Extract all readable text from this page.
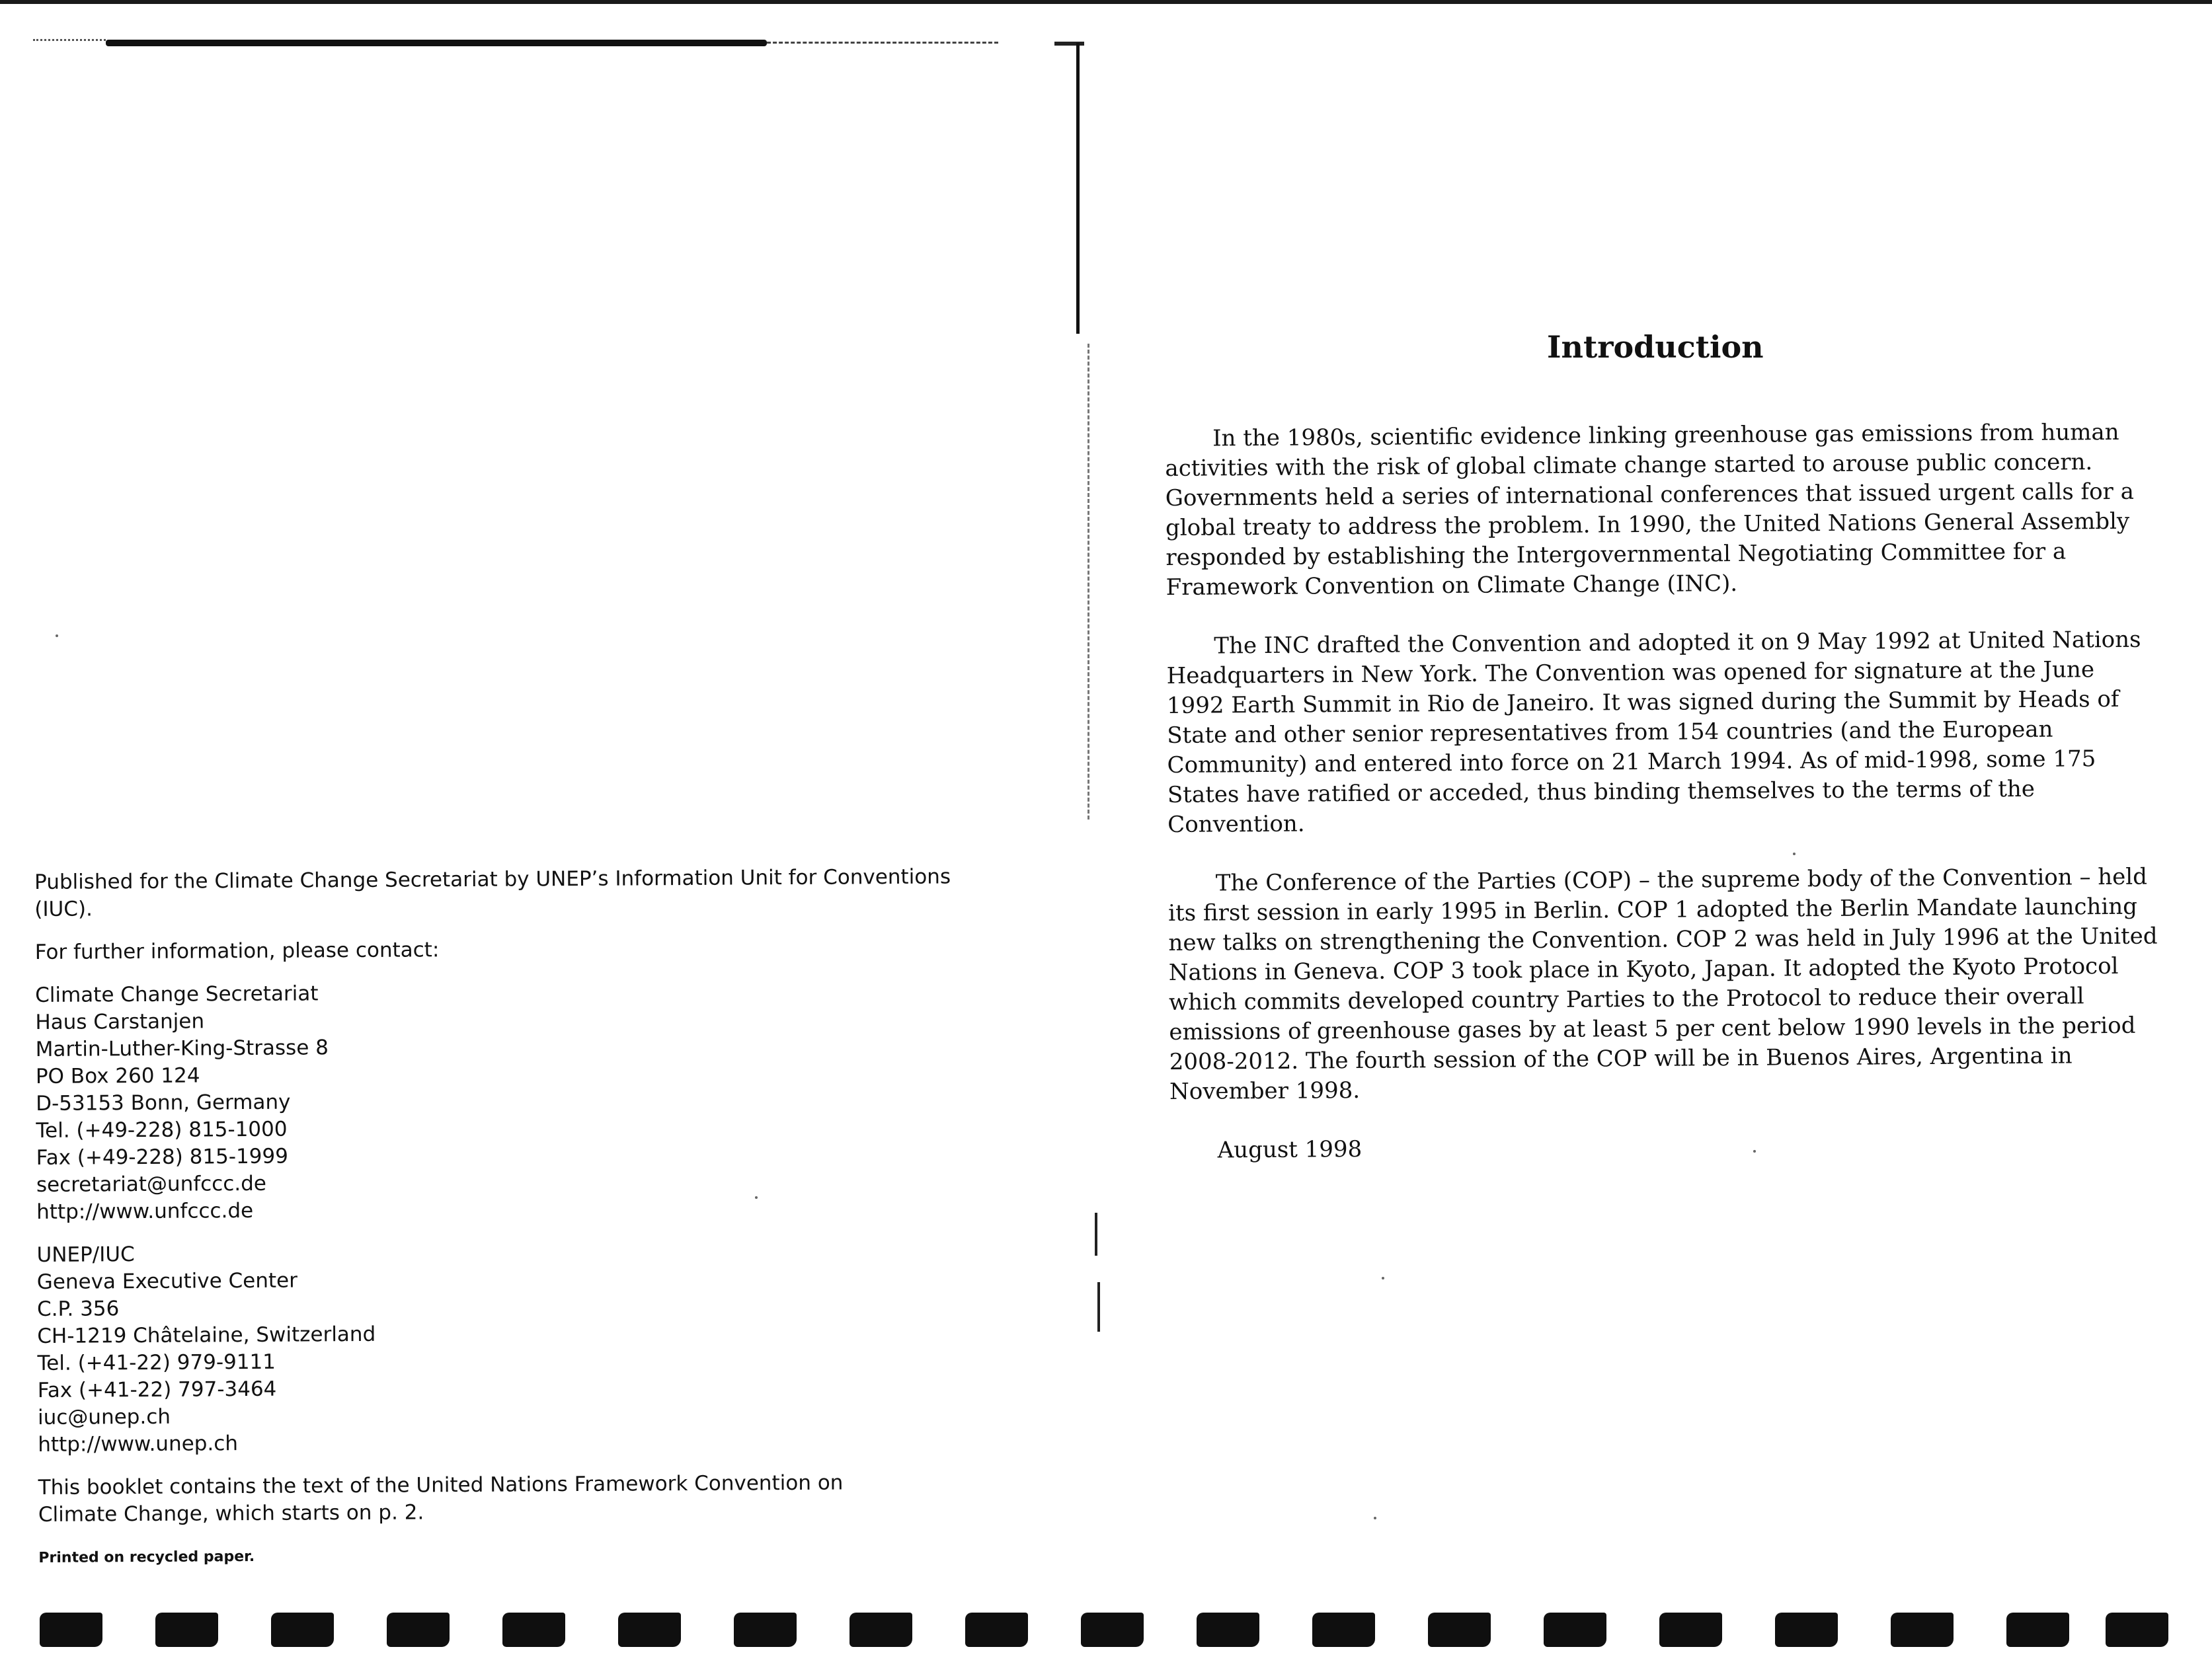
Published for the Climate Change Secretariat by UNEP’s Information Unit for Conventions (IUC).

For further information, please contact:

Climate Change Secretariat

Haus Carstanjen

Martin-Luther-King-Strasse 8

PO Box 260 124

D-53153 Bonn, Germany

Tel. (+49-228) 815-1000

Fax (+49-228) 815-1999

secretariat@unfccc.de

http://www.unfccc.de

UNEP/IUC

Geneva Executive Center

C.P. 356

CH-1219 Châtelaine, Switzerland

Tel. (+41-22) 979-9111

Fax (+41-22) 797-3464

iuc@unep.ch

http://www.unep.ch

This booklet contains the text of the United Nations Framework Convention on Climate Change, which starts on p. 2.

Printed on recycled paper.

Introduction

In the 1980s, scientific evidence linking greenhouse gas emissions from human activities with the risk of global climate change started to arouse public concern. Governments held a series of international conferences that issued urgent calls for a global treaty to address the problem. In 1990, the United Nations General Assembly responded by establishing the Intergovernmental Negotiating Committee for a Framework Convention on Climate Change (INC).

The INC drafted the Convention and adopted it on 9 May 1992 at United Nations Headquarters in New York. The Convention was opened for signature at the June 1992 Earth Summit in Rio de Janeiro. It was signed during the Summit by Heads of State and other senior representatives from 154 countries (and the European Community) and entered into force on 21 March 1994. As of mid-1998, some 175 States have ratified or acceded, thus binding themselves to the terms of the Convention.

The Conference of the Parties (COP) – the supreme body of the Convention – held its first session in early 1995 in Berlin. COP 1 adopted the Berlin Mandate launching new talks on strengthening the Convention. COP 2 was held in July 1996 at the United Nations in Geneva. COP 3 took place in Kyoto, Japan. It adopted the Kyoto Protocol which commits developed country Parties to the Protocol to reduce their overall emissions of greenhouse gases by at least 5 per cent below 1990 levels in the period 2008-2012. The fourth session of the COP will be in Buenos Aires, Argentina in November 1998.

August 1998
